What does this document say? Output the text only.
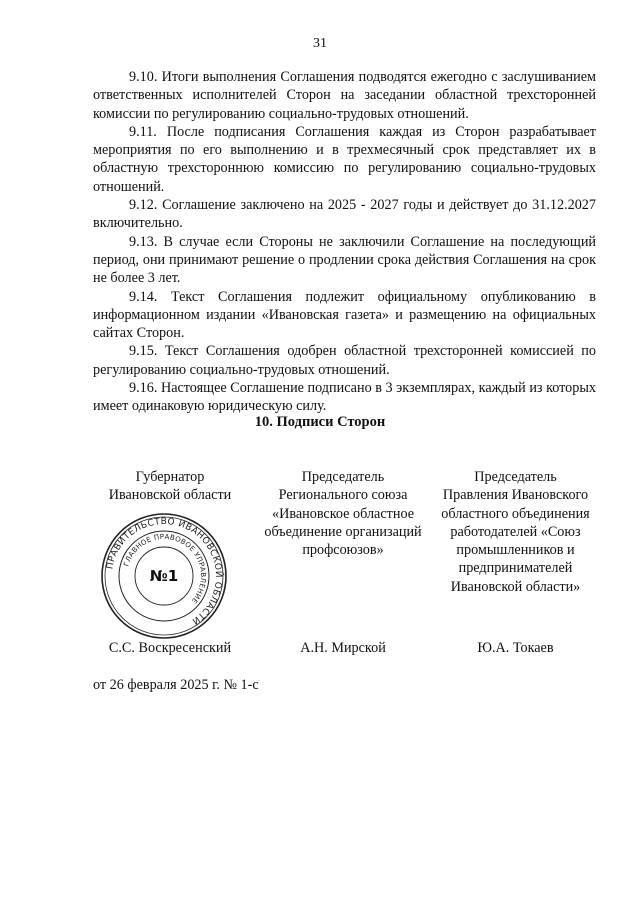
31

9.10. Итоги выполнения Соглашения подводятся ежегодно с заслушиванием ответственных исполнителей Сторон на заседании областной трехсторонней комиссии по регулированию социально-трудовых отношений.

9.11. После подписания Соглашения каждая из Сторон разрабатывает мероприятия по его выполнению и в трехмесячный срок представляет их в областную трехстороннюю комиссию по регулированию социально-трудовых отношений.

9.12. Соглашение заключено на 2025 - 2027 годы и действует до 31.12.2027 включительно.

9.13. В случае если Стороны не заключили Соглашение на последующий период, они принимают решение о продлении срока действия Соглашения на срок не более 3 лет.

9.14. Текст Соглашения подлежит официальному опубликованию в информационном издании «Ивановская газета» и размещению на официальных сайтах Сторон.

9.15. Текст Соглашения одобрен областной трехсторонней комиссией по регулированию социально-трудовых отношений.

9.16. Настоящее Соглашение подписано в 3 экземплярах, каждый из которых имеет одинаковую юридическую силу.

10. Подписи Сторон
Губернатор
Ивановской области
Председатель
Регионального союза
«Ивановское областное
объединение организаций
профсоюзов»
Председатель
Правления Ивановского
областного объединения
работодателей «Союз
промышленников и
предпринимателей
Ивановской области»
ПРАВИТЕЛЬСТВО ИВАНОВСКОЙ ОБЛАСТИ
ГЛАВНОЕ ПРАВОВОЕ УПРАВЛЕНИЕ
№1
С.С. Воскресенский	А.Н. Мирской	Ю.А. Токаев
от 26 февраля 2025 г. № 1-с
